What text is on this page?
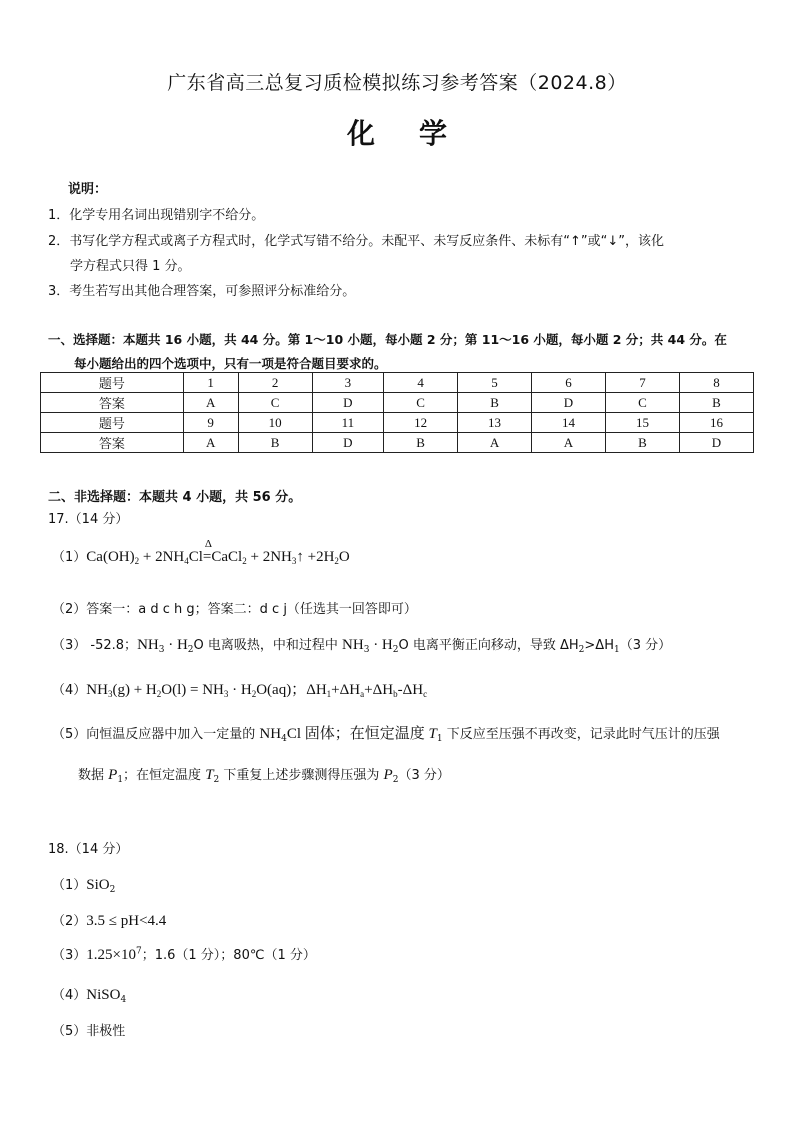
广东省高三总复习质检模拟练习参考答案（2024.8）
化 学
说明：
1．化学专用名词出现错别字不给分。
2．书写化学方程式或离子方程式时，化学式写错不给分。未配平、未写反应条件、未标有“↑”或“↓”，该化
学方程式只得 1 分。
3．考生若写出其他合理答案，可参照评分标准给分。
一、选择题：本题共 16 小题，共 44 分。第 1～10 小题，每小题 2 分；第 11～16 小题，每小题 2 分；共 44 分。在
每小题给出的四个选项中，只有一项是符合题目要求的。
题号	1	2	3	4	5	6	7	8
答案	A	C	D	C	B	D	C	B
题号	9	10	11	12	13	14	15	16
答案	A	B	D	B	A	A	B	D
二、非选择题：本题共 4 小题，共 56 分。
17.（14 分）
$(1)Ca(OH)_2 + 2NH_4Cl$
Δ
=CaCl$_2$ + $2NH_3↑ +2H_2O$
（2）答案一：a d c h g；答案二：d c j（任选其一回答即可）
（3） -52.8；$NH_3 \cdot H_2O$ 电离吸热，中和过程中 $NH_3 \cdot H_2O$ 电离平衡正向移动，导致 $\Delta H_2>\Delta H_1(3$ 分）
$(4)NH_3(g) + H_2O(l) = NH_3 \cdot H_2O(aq)$；$\Delta H_1+\Delta H_a+\Delta H_b-\Delta H_c$
（5）向恒温反应器中加入一定量的 $NH_4Cl$ 固体；在恒定温度 $T_1$ 下反应至压强不再改变，记录此时气压计的压强
数据 $P_1$；在恒定温度 $T_2$ 下重复上述步骤测得压强为 $P_2(3$ 分）
18.（14 分）
（1）SiO$_2$
（2）3.5 ≤ pH<4.4
$(3)1.25\times 10^7$；1.6（1 分）；80℃（1 分）
（4）NiSO$_4$
（5）非极性
